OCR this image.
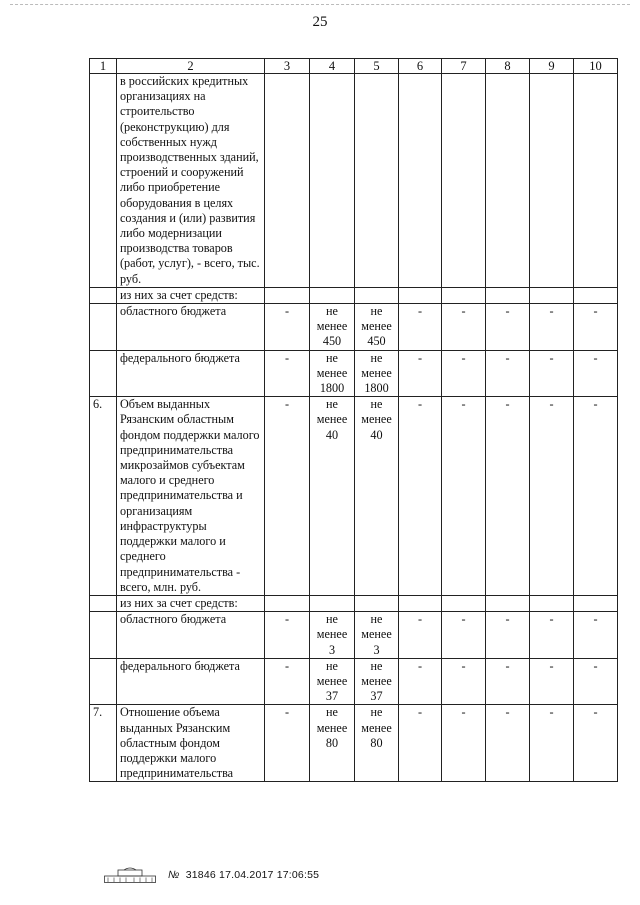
25
1	2	3	4	5	6	7	8	9	10
	в российских кредитных организациях на строительство (реконструкцию) для собственных нужд производственных зданий, строений и сооружений либо приобретение оборудования в целях создания и (или) развития либо модернизации производства товаров (работ, услуг), - всего, тыс. руб.								
	из них за счет средств:								
	областного бюджета	-	не менее 450	не менее 450	-	-	-	-	-
	федерального бюджета	-	не менее 1800	не менее 1800	-	-	-	-	-
6.	Объем выданных Рязанским областным фондом поддержки малого предпринимательства микрозаймов субъектам малого и среднего предпринимательства и организациям инфраструктуры поддержки малого и среднего предпринимательства - всего, млн. руб.	-	не менее 40	не менее 40	-	-	-	-	-
	из них за счет средств:								
	областного бюджета	-	не менее 3	не менее 3	-	-	-	-	-
	федерального бюджета	-	не менее 37	не менее 37	-	-	-	-	-
7.	Отношение объема выданных Рязанским областным фондом поддержки малого предпринимательства	-	не менее 80	не менее 80	-	-	-	-	-
№ 31846 17.04.2017 17:06:55
